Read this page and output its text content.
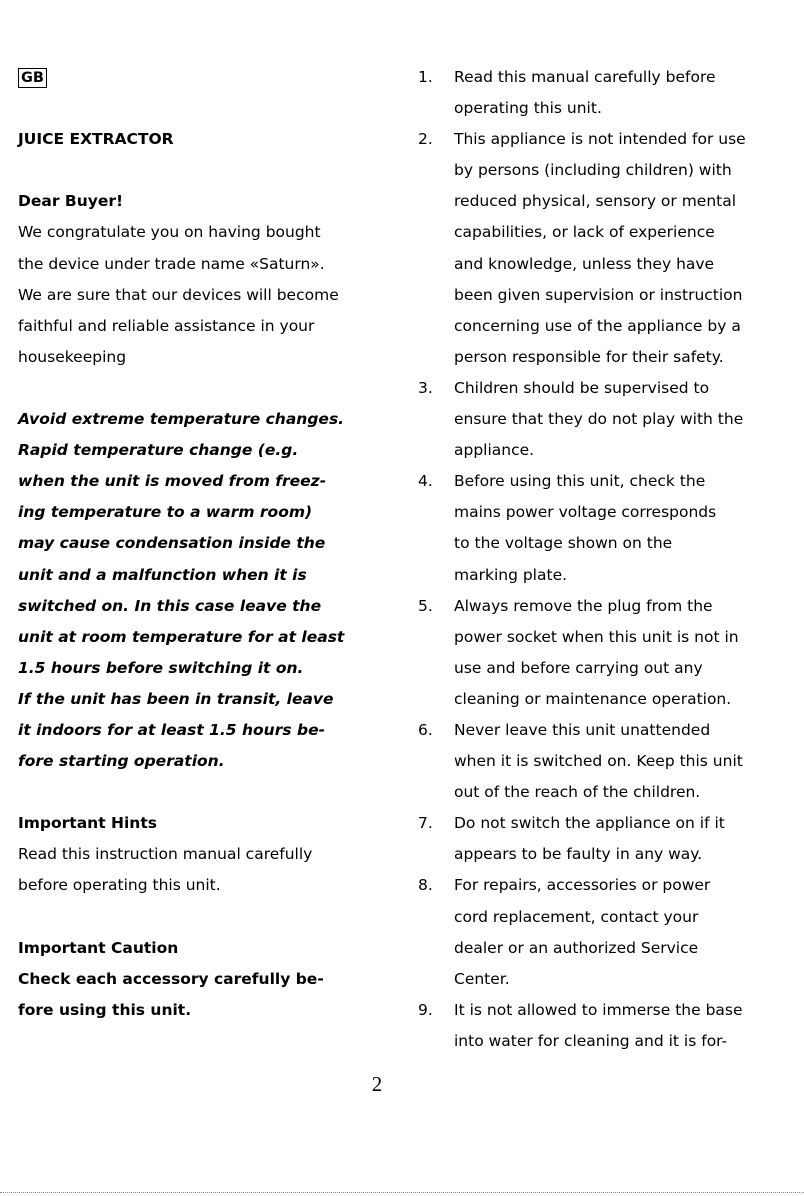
GB
JUICE EXTRACTOR
Dear Buyer!
We congratulate you on having bought
the device under trade name «Saturn».
We are sure that our devices will become
faithful and reliable assistance in your
housekeeping
Avoid extreme temperature changes.
Rapid temperature change (e.g.
when the unit is moved from freez-
ing temperature to a warm room)
may cause condensation inside the
unit and a malfunction when it is
switched on. In this case leave the
unit at room temperature for at least
1.5 hours before switching it on.
If the unit has been in transit, leave
it indoors for at least 1.5 hours be-
fore starting operation.
Important Hints
Read this instruction manual carefully
before operating this unit.
Important Caution
Check each accessory carefully be-
fore using this unit.
1. Read this manual carefully before
operating this unit.
2. This appliance is not intended for use
by persons (including children) with
reduced physical, sensory or mental
capabilities, or lack of experience
and knowledge, unless they have
been given supervision or instruction
concerning use of the appliance by a
person responsible for their safety.
3. Children should be supervised to
ensure that they do not play with the
appliance.
4. Before using this unit, check the
mains power voltage corresponds
to the voltage shown on the
marking plate.
5. Always remove the plug from the
power socket when this unit is not in
use and before carrying out any
cleaning or maintenance operation.
6. Never leave this unit unattended
when it is switched on. Keep this unit
out of the reach of the children.
7. Do not switch the appliance on if it
appears to be faulty in any way.
8. For repairs, accessories or power
cord replacement, contact your
dealer or an authorized Service
Center.
9. It is not allowed to immerse the base
into water for cleaning and it is for-
2
